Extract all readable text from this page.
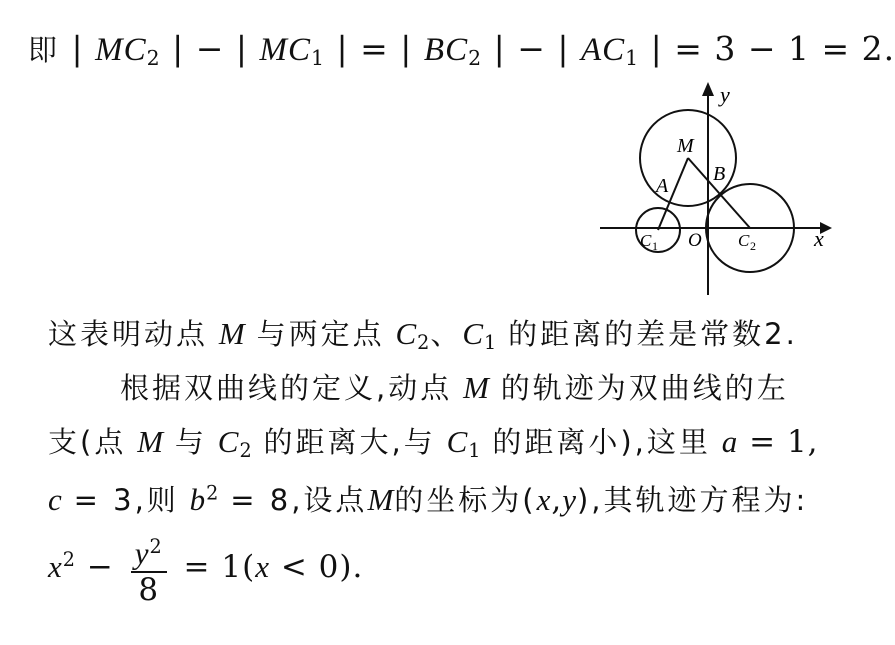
即 | $MC_2$ | − | $MC_1$ | = | $BC_2$ | − | $AC_1$ | = 3 − 1 = 2.
y
x
M
A
B
O
C 1	C 2
这表明动点 M 与两定点 $C_2$、$C_1$ 的距离的差是常数2.
根据双曲线的定义,动点 M 的轨迹为双曲线的左
支(点 M 与 $C_2$ 的距离大,与 $C_1$ 的距离小),这里 a = 1,
c = 3,则 $b^2 = 8$,设点M的坐标为(x,y),其轨迹方程为:
$x^2 - \frac{y^2}{8} = 1(x < 0)$.
